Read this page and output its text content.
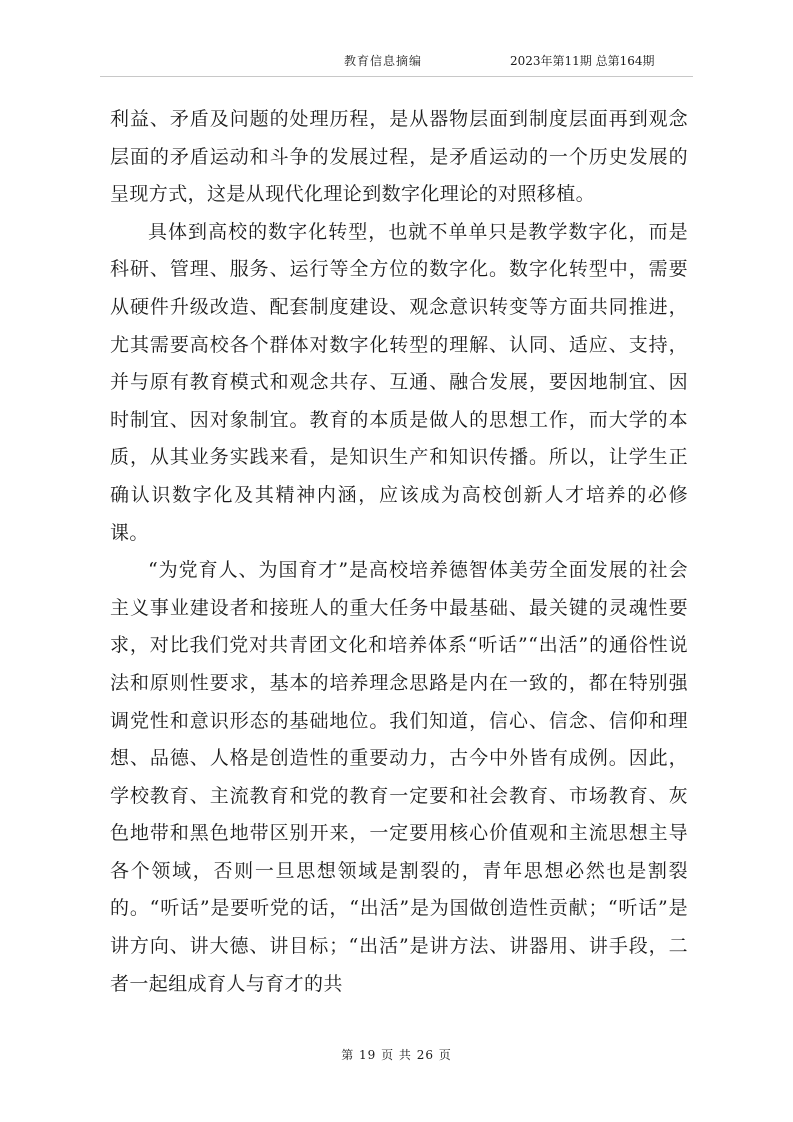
教育信息摘编	2023年第11期 总第164期

利益、矛盾及问题的处理历程，是从器物层面到制度层面再到观念层面的矛盾运动和斗争的发展过程，是矛盾运动的一个历史发展的呈现方式，这是从现代化理论到数字化理论的对照移植。

具体到高校的数字化转型，也就不单单只是教学数字化，而是科研、管理、服务、运行等全方位的数字化。数字化转型中，需要从硬件升级改造、配套制度建设、观念意识转变等方面共同推进，尤其需要高校各个群体对数字化转型的理解、认同、适应、支持，并与原有教育模式和观念共存、互通、融合发展，要因地制宜、因时制宜、因对象制宜。教育的本质是做人的思想工作，而大学的本质，从其业务实践来看，是知识生产和知识传播。所以，让学生正确认识数字化及其精神内涵，应该成为高校创新人才培养的必修课。

“为党育人、为国育才”是高校培养德智体美劳全面发展的社会主义事业建设者和接班人的重大任务中最基础、最关键的灵魂性要求，对比我们党对共青团文化和培养体系“听话”“出活”的通俗性说法和原则性要求，基本的培养理念思路是内在一致的，都在特别强调党性和意识形态的基础地位。我们知道，信心、信念、信仰和理想、品德、人格是创造性的重要动力，古今中外皆有成例。因此，学校教育、主流教育和党的教育一定要和社会教育、市场教育、灰色地带和黑色地带区别开来，一定要用核心价值观和主流思想主导各个领域，否则一旦思想领域是割裂的，青年思想必然也是割裂的。“听话”是要听党的话，“出活”是为国做创造性贡献；“听话”是讲方向、讲大德、讲目标；“出活”是讲方法、讲器用、讲手段，二者一起组成育人与育才的共

第 19 页 共 26 页
